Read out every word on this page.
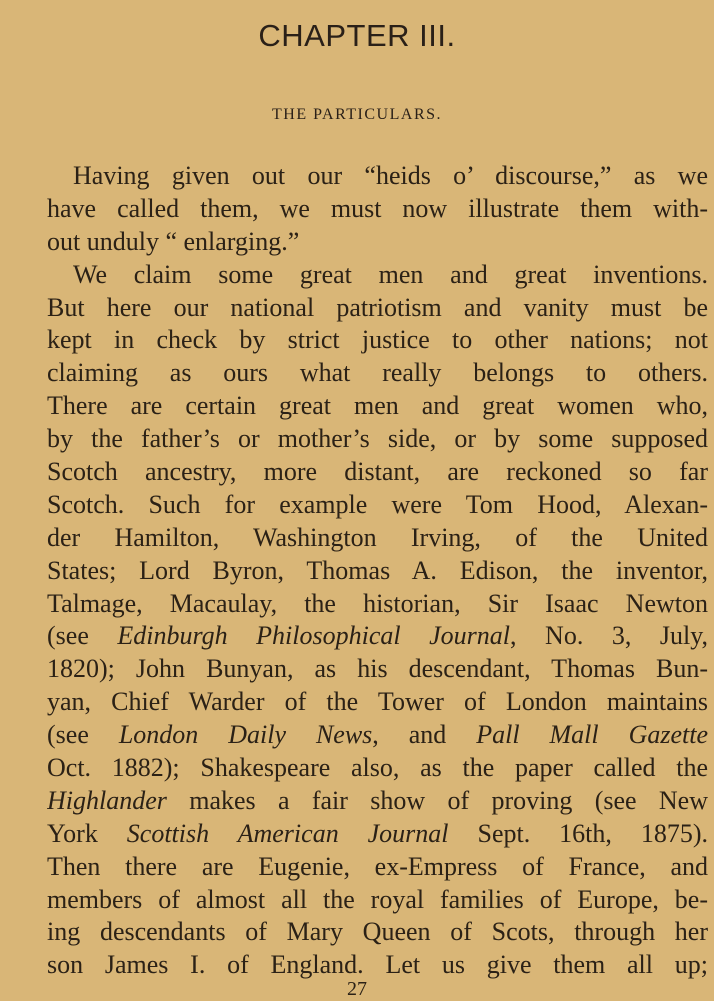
CHAPTER III.
THE PARTICULARS.
Having given out our “heids o’ discourse,” as we
have called them, we must now illustrate them with-
out unduly “ enlarging.”
We claim some great men and great inventions.
But here our national patriotism and vanity must be
kept in check by strict justice to other nations; not
claiming as ours what really belongs to others.
There are certain great men and great women who,
by the father’s or mother’s side, or by some supposed
Scotch ancestry, more distant, are reckoned so far
Scotch. Such for example were Tom Hood, Alexan-
der Hamilton, Washington Irving, of the United
States; Lord Byron, Thomas A. Edison, the inventor,
Talmage, Macaulay, the historian, Sir Isaac Newton
(see Edinburgh Philosophical Journal, No. 3, July,
1820); John Bunyan, as his descendant, Thomas Bun-
yan, Chief Warder of the Tower of London maintains
(see London Daily News, and Pall Mall Gazette
Oct. 1882); Shakespeare also, as the paper called the
Highlander makes a fair show of proving (see New
York Scottish American Journal Sept. 16th, 1875).
Then there are Eugenie, ex-Empress of France, and
members of almost all the royal families of Europe, be-
ing descendants of Mary Queen of Scots, through her
son James I. of England. Let us give them all up;
27
